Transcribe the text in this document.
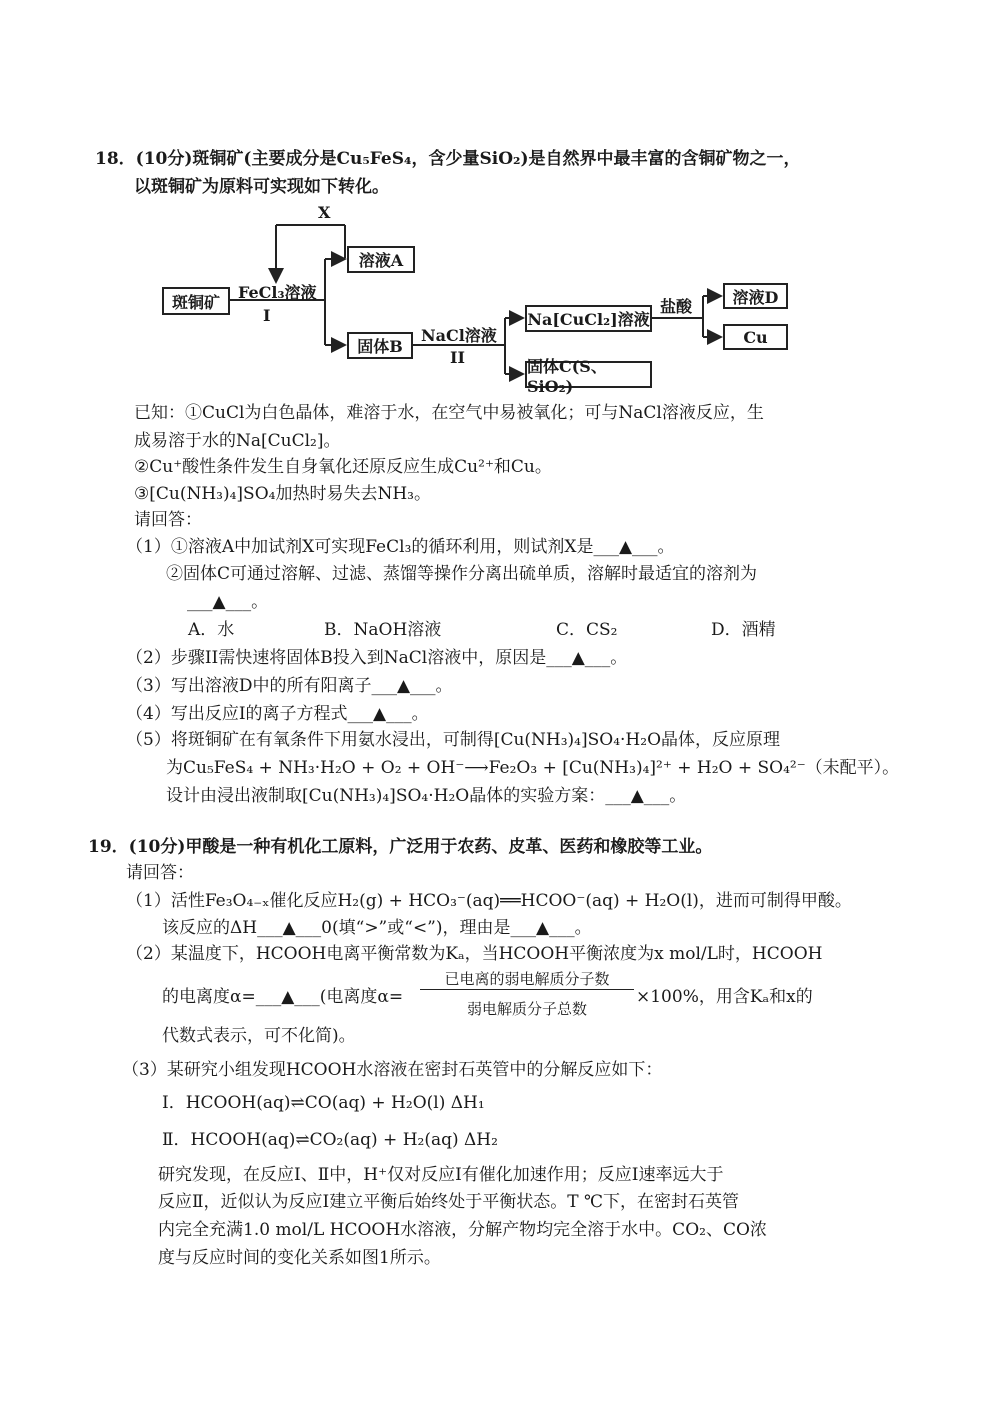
18．(10分)斑铜矿(主要成分是Cu₅FeS₄，含少量SiO₂)是自然界中最丰富的含铜矿物之一，
以斑铜矿为原料可实现如下转化。
X
斑铜矿	FeCl₃溶液
I
溶液A
固体B
NaCl溶液
II
Na[CuCl₂]溶液
固体C(S、SiO₂)
盐酸	溶液D
Cu
已知：①CuCl为白色晶体，难溶于水，在空气中易被氧化；可与NaCl溶液反应，生
成易溶于水的Na[CuCl₂]。
②Cu⁺酸性条件发生自身氧化还原反应生成Cu²⁺和Cu。
③[Cu(NH₃)₄]SO₄加热时易失去NH₃。
请回答：
（1）①溶液A中加试剂X可实现FeCl₃的循环利用，则试剂X是___▲___。
②固体C可通过溶解、过滤、蒸馏等操作分离出硫单质，溶解时最适宜的溶剂为
___▲___。
A．水	B．NaOH溶液	C．CS₂	D．酒精
（2）步骤II需快速将固体B投入到NaCl溶液中，原因是___▲___。
（3）写出溶液D中的所有阳离子___▲___。
（4）写出反应I的离子方程式___▲___。
（5）将斑铜矿在有氧条件下用氨水浸出，可制得[Cu(NH₃)₄]SO₄·H₂O晶体，反应原理
为Cu₅FeS₄ + NH₃·H₂O + O₂ + OH⁻⟶Fe₂O₃ + [Cu(NH₃)₄]²⁺ + H₂O + SO₄²⁻（未配平）。
设计由浸出液制取[Cu(NH₃)₄]SO₄·H₂O晶体的实验方案：___▲___。
19．(10分)甲酸是一种有机化工原料，广泛用于农药、皮革、医药和橡胶等工业。
请回答：
（1）活性Fe₃O₄₋ₓ催化反应H₂(g) + HCO₃⁻(aq)══HCOO⁻(aq) + H₂O(l)，进而可制得甲酸。
该反应的ΔH___▲___0(填“>”或“<”)，理由是___▲___。
（2）某温度下，HCOOH电离平衡常数为Kₐ，当HCOOH平衡浓度为x mol/L时，HCOOH
的电离度α=___▲___(电离度α=
已电离的弱电解质分子数
弱电解质分子总数
×100%，用含Kₐ和x的
代数式表示，可不化简)。
（3）某研究小组发现HCOOH水溶液在密封石英管中的分解反应如下：
Ⅰ．HCOOH(aq)⇌CO(aq) + H₂O(l) ΔH₁
Ⅱ．HCOOH(aq)⇌CO₂(aq) + H₂(aq) ΔH₂
研究发现，在反应Ⅰ、Ⅱ中，H⁺仅对反应Ⅰ有催化加速作用；反应Ⅰ速率远大于
反应Ⅱ，近似认为反应Ⅰ建立平衡后始终处于平衡状态。T ℃下，在密封石英管
内完全充满1.0 mol/L HCOOH水溶液，分解产物均完全溶于水中。CO₂、CO浓
度与反应时间的变化关系如图1所示。
